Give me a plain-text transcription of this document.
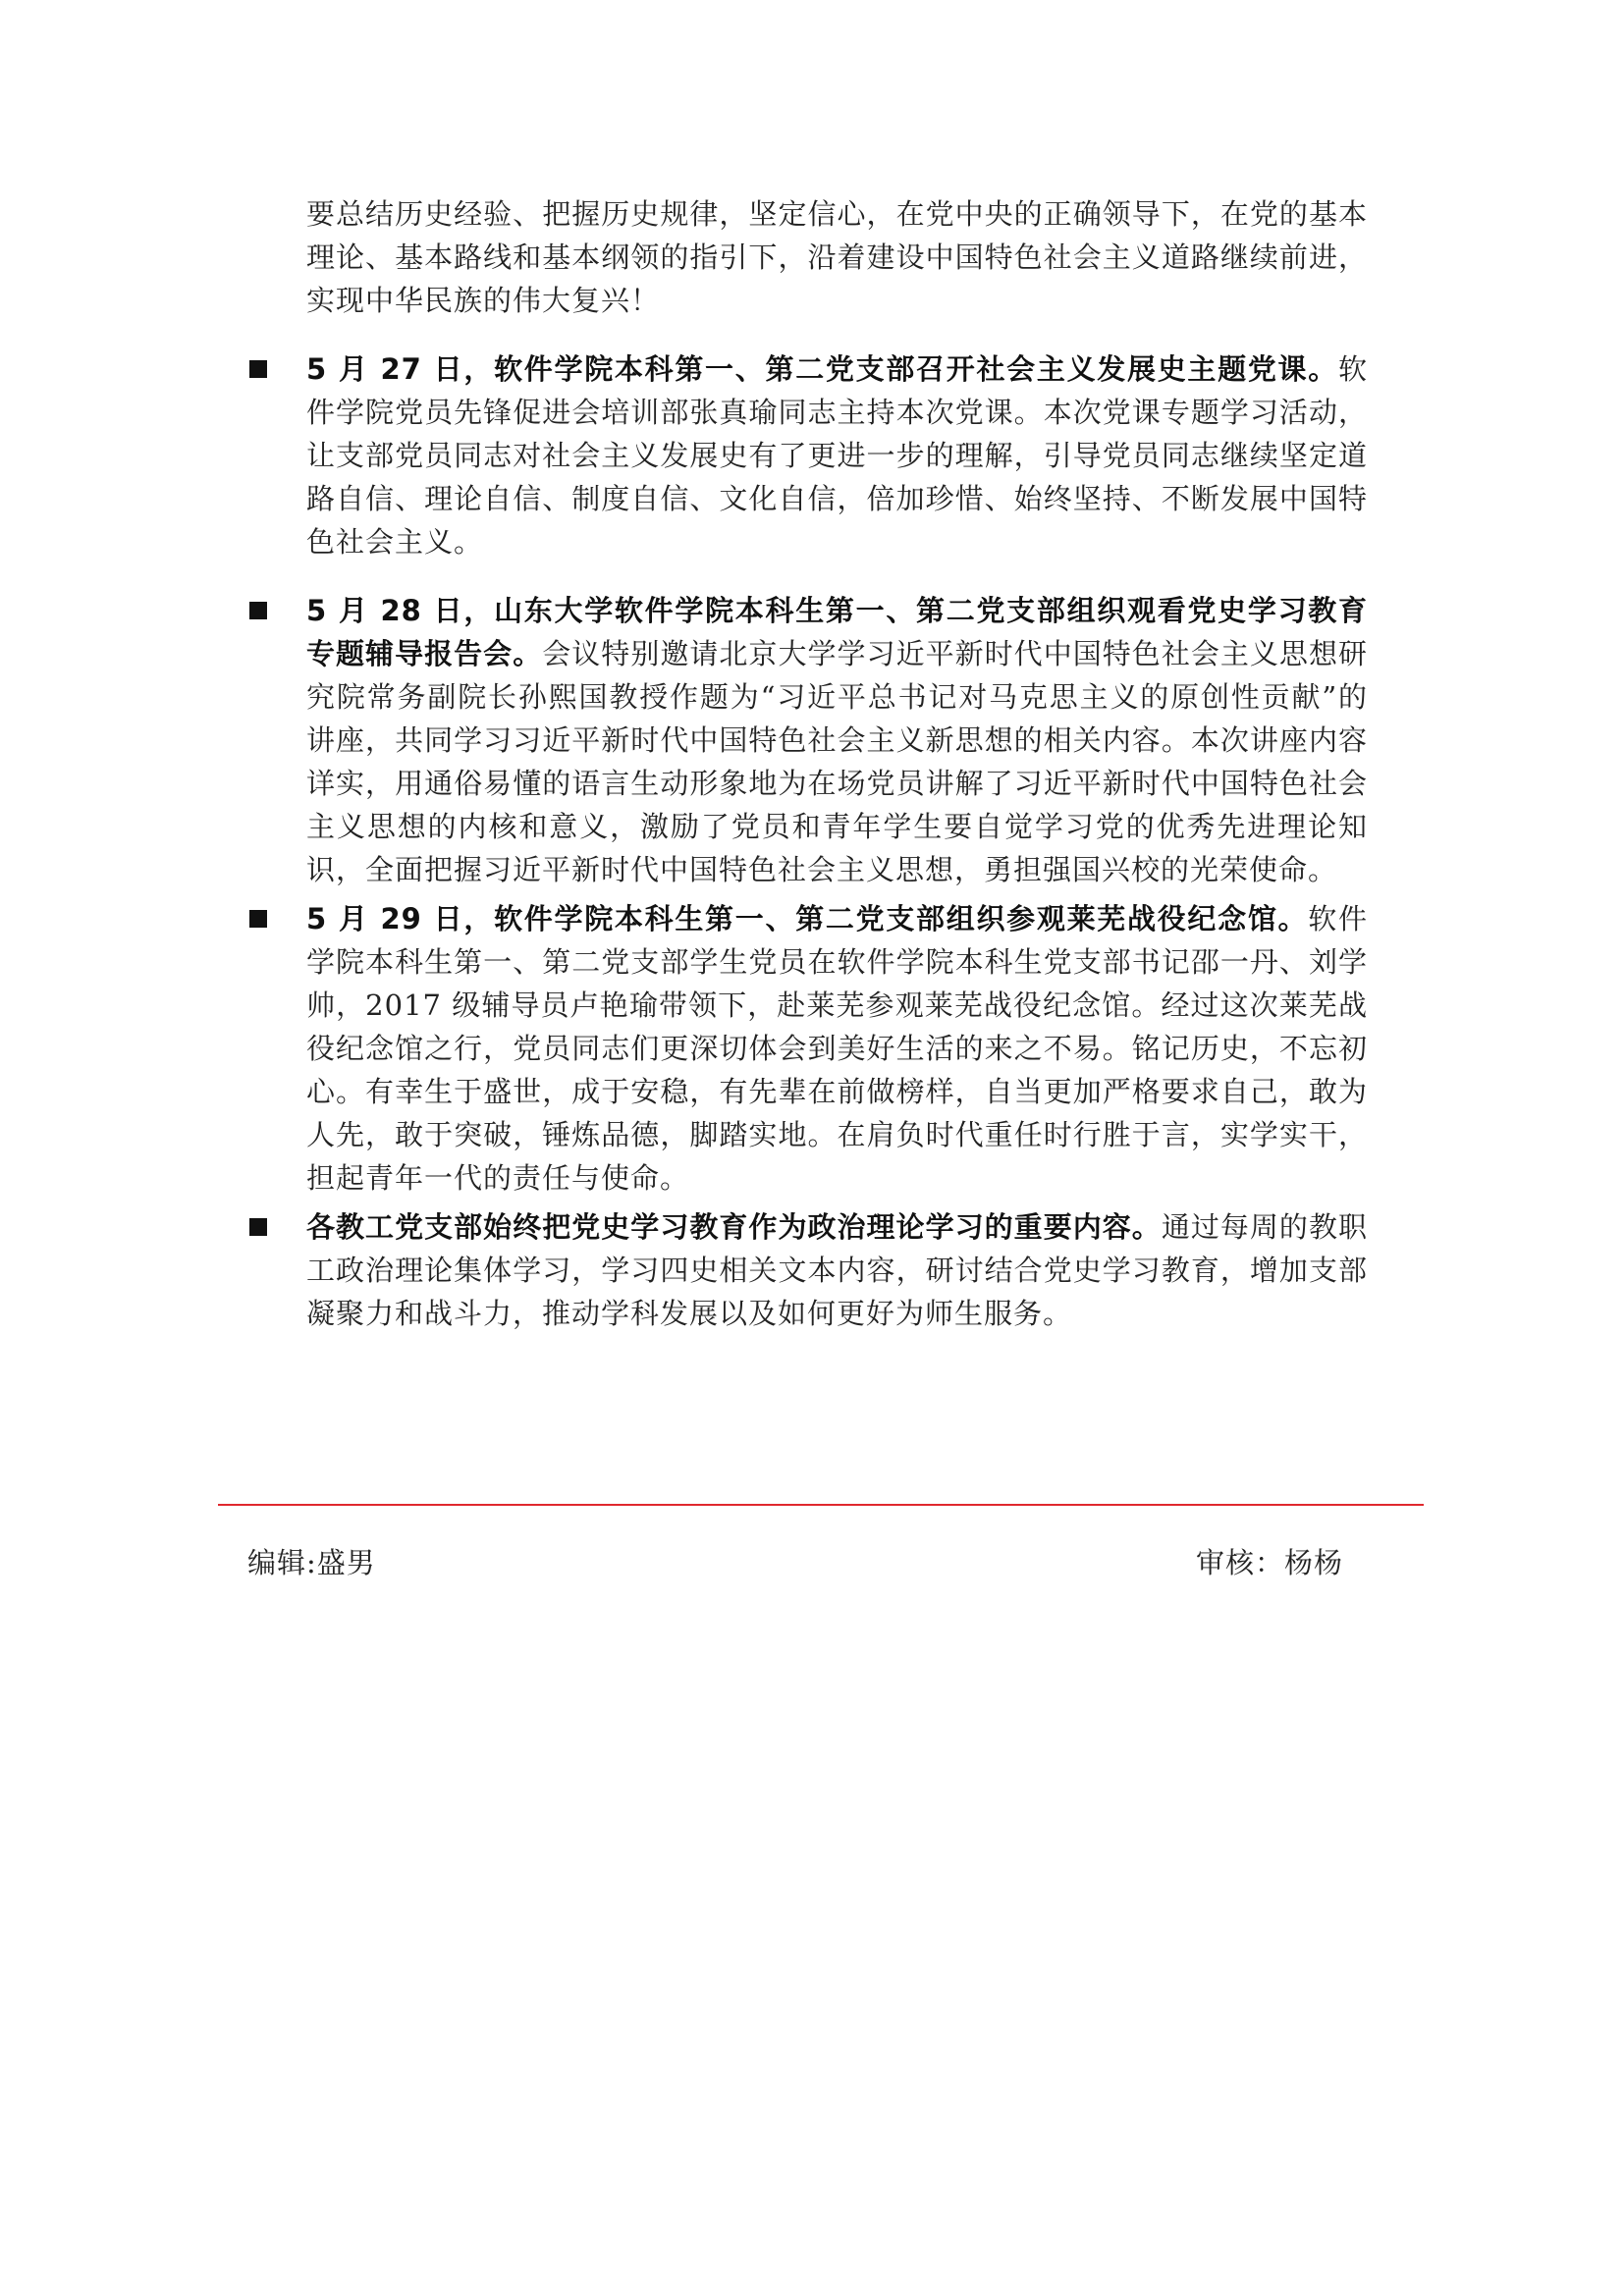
要总结历史经验、把握历史规律，坚定信心，在党中央的正确领导下，在党的基本理论、基本路线和基本纲领的指引下，沿着建设中国特色社会主义道路继续前进，实现中华民族的伟大复兴！

5 月 27 日，软件学院本科第一、第二党支部召开社会主义发展史主题党课。软件学院党员先锋促进会培训部张真瑜同志主持本次党课。本次党课专题学习活动，让支部党员同志对社会主义发展史有了更进一步的理解，引导党员同志继续坚定道路自信、理论自信、制度自信、文化自信，倍加珍惜、始终坚持、不断发展中国特色社会主义。
5 月 28 日，山东大学软件学院本科生第一、第二党支部组织观看党史学习教育专题辅导报告会。会议特别邀请北京大学学习近平新时代中国特色社会主义思想研究院常务副院长孙熙国教授作题为“习近平总书记对马克思主义的原创性贡献”的讲座，共同学习习近平新时代中国特色社会主义新思想的相关内容。本次讲座内容详实，用通俗易懂的语言生动形象地为在场党员讲解了习近平新时代中国特色社会主义思想的内核和意义，激励了党员和青年学生要自觉学习党的优秀先进理论知识，全面把握习近平新时代中国特色社会主义思想，勇担强国兴校的光荣使命。
5 月 29 日，软件学院本科生第一、第二党支部组织参观莱芜战役纪念馆。软件学院本科生第一、第二党支部学生党员在软件学院本科生党支部书记邵一丹、刘学帅，2017 级辅导员卢艳瑜带领下，赴莱芜参观莱芜战役纪念馆。经过这次莱芜战役纪念馆之行，党员同志们更深切体会到美好生活的来之不易。铭记历史，不忘初心。有幸生于盛世，成于安稳，有先辈在前做榜样，自当更加严格要求自己，敢为人先，敢于突破，锤炼品德，脚踏实地。在肩负时代重任时行胜于言，实学实干，担起青年一代的责任与使命。
各教工党支部始终把党史学习教育作为政治理论学习的重要内容。通过每周的教职工政治理论集体学习，学习四史相关文本内容，研讨结合党史学习教育，增加支部凝聚力和战斗力，推动学科发展以及如何更好为师生服务。
编辑:盛男	审核：杨杨
